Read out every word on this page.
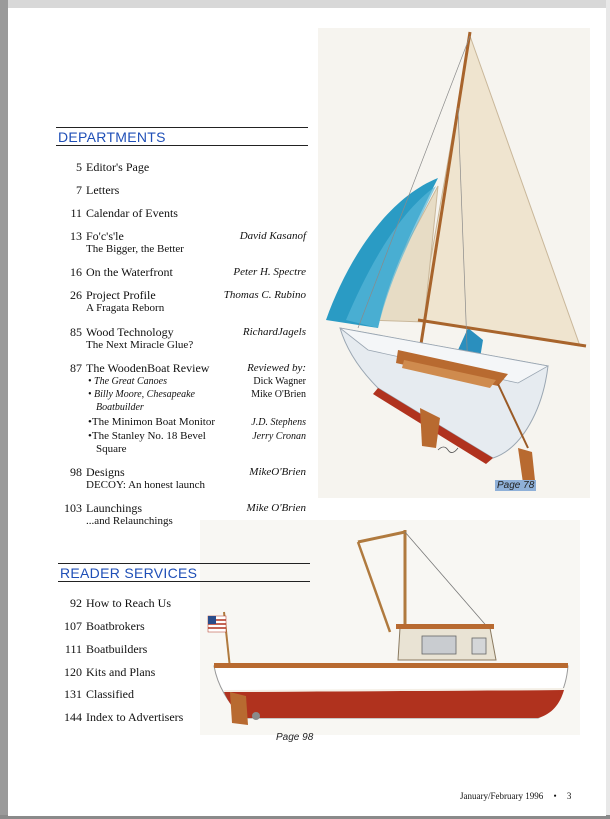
Page 78
Page 98
DEPARTMENTS
5 Editor's Page
7 Letters
11 Calendar of Events
13 Fo'c's'le	David Kasanof
The Bigger, the Better
16 On the Waterfront	Peter H. Spectre
26 Project Profile	Thomas C. Rubino
A Fragata Reborn
85 Wood Technology	RichardJagels
The Next Miracle Glue?
87 The WoodenBoat Review	Reviewed by:
• The Great Canoes	Dick Wagner
• Billy Moore, Chesapeake	Mike O'Brien
Boatbuilder
•The Minimon Boat Monitor	J.D. Stephens
•The Stanley No. 18 Bevel	Jerry Cronan
Square
98 Designs	MikeO'Brien
DECOY: An honest launch
103 Launchings	Mike O'Brien
...and Relaunchings
READER SERVICES
92 How to Reach Us
107 Boatbrokers
111 Boatbuilders
120 Kits and Plans
131 Classified
144 Index to Advertisers
January/February 1996 • 3
